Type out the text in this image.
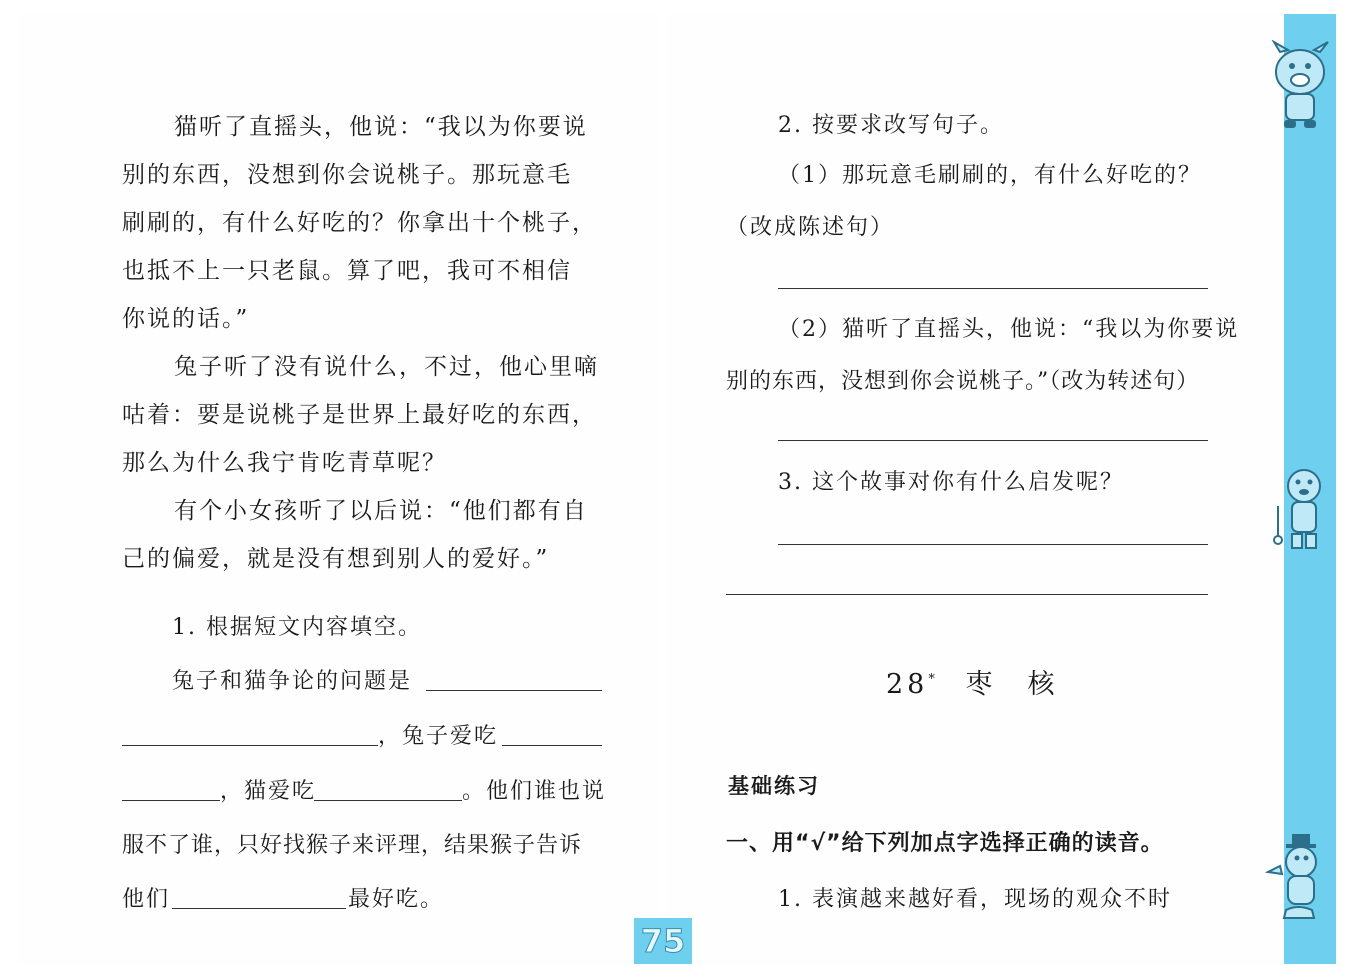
猫听了直摇头，他说：“我以为你要说
别的东西，没想到你会说桃子。那玩意毛
刷刷的，有什么好吃的？你拿出十个桃子，
也抵不上一只老鼠。算了吧，我可不相信
你说的话。”
兔子听了没有说什么，不过，他心里嘀
咕着：要是说桃子是世界上最好吃的东西，
那么为什么我宁肯吃青草呢？
有个小女孩听了以后说：“他们都有自
己的偏爱，就是没有想到别人的爱好。”
1. 根据短文内容填空。
兔子和猫争论的问题是
，兔子爱吃
，猫爱吃	。他们谁也说
服不了谁，只好找猴子来评理，结果猴子告诉
他们	最好吃。
2. 按要求改写句子。
（1）那玩意毛刷刷的，有什么好吃的？
（改成陈述句）
（2）猫听了直摇头，他说：“我以为你要说
别的东西，没想到你会说桃子。”（改为转述句）
3. 这个故事对你有什么启发呢？
28* 枣　核
基础练习
一、用“√”给下列加点字选择正确的读音。
1. 表演越来越好看，现场的观众不时
75
